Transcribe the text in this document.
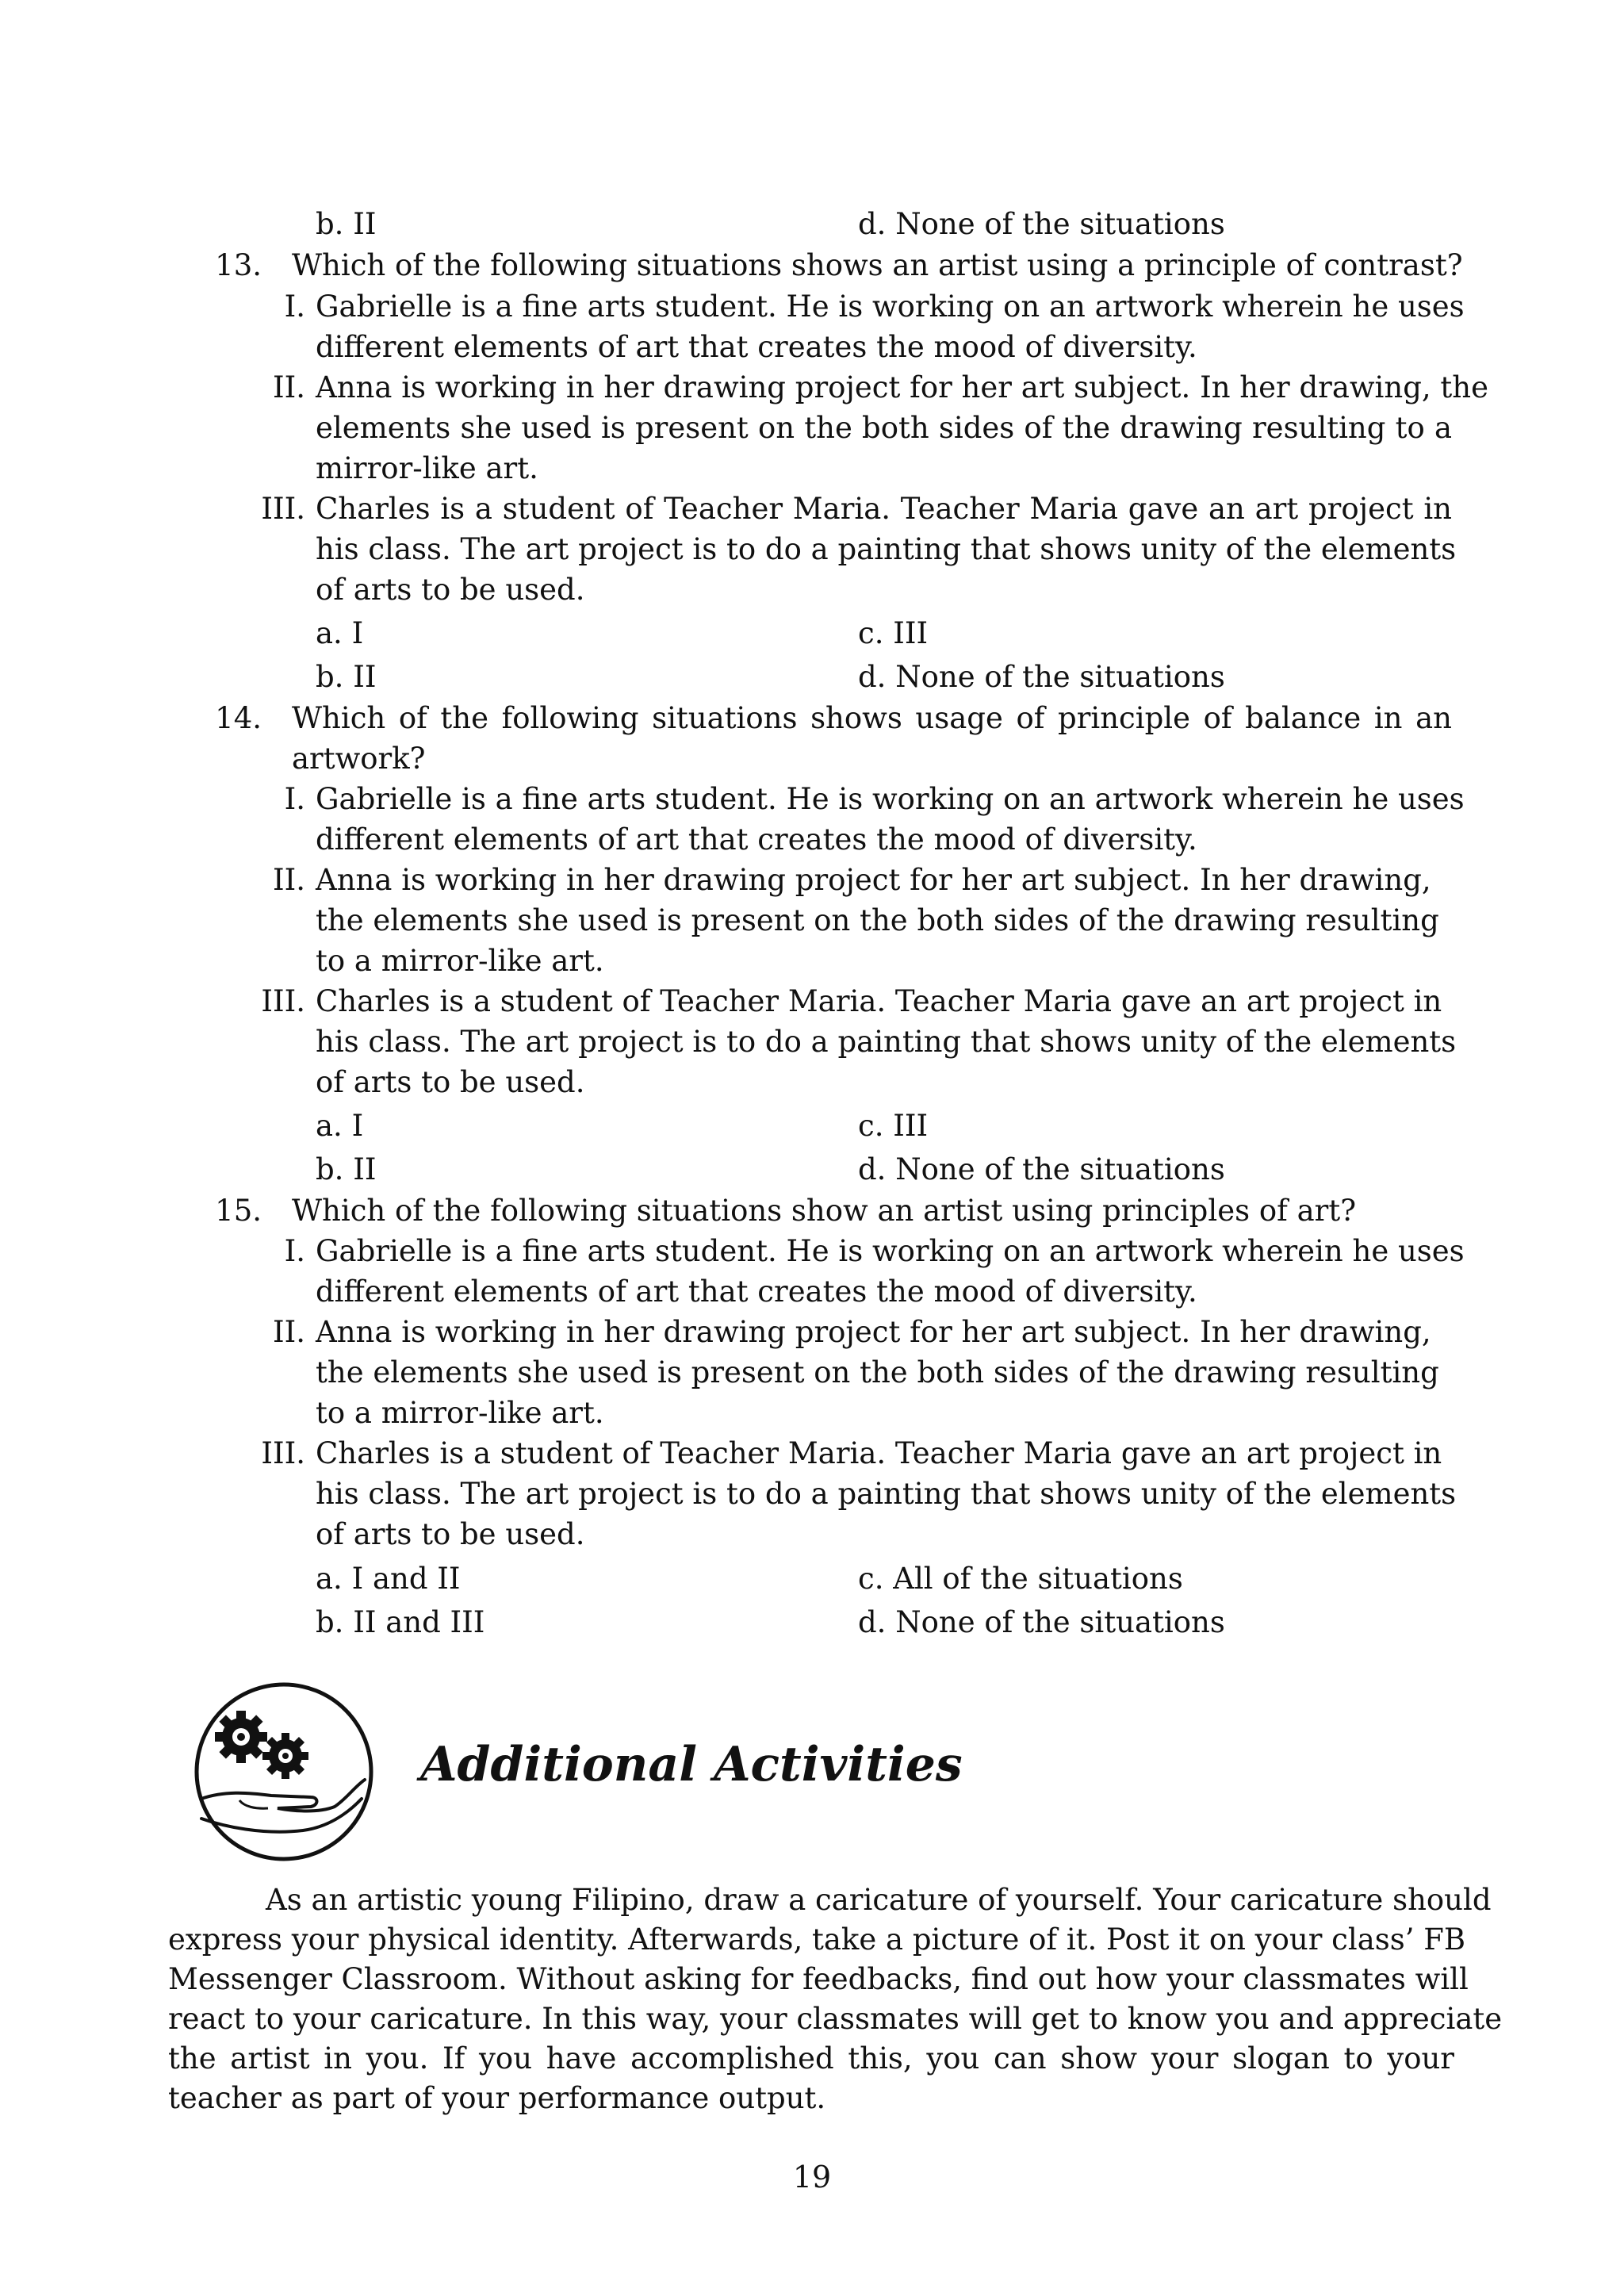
b. II	d. None of the situations
13. Which of the following situations shows an artist using a principle of contrast?
I. Gabrielle is a fine arts student. He is working on an artwork wherein he uses
different elements of art that creates the mood of diversity.
II. Anna is working in her drawing project for her art subject. In her drawing, the
elements she used is present on the both sides of the drawing resulting to a
mirror-like art.
III. Charles is a student of Teacher Maria. Teacher Maria gave an art project in
his class. The art project is to do a painting that shows unity of the elements
of arts to be used.
a. I	c. III
b. II	d. None of the situations
14. Which of the following situations shows usage of principle of balance in an
artwork?
I. Gabrielle is a fine arts student. He is working on an artwork wherein he uses
different elements of art that creates the mood of diversity.
II. Anna is working in her drawing project for her art subject. In her drawing,
the elements she used is present on the both sides of the drawing resulting
to a mirror-like art.
III. Charles is a student of Teacher Maria. Teacher Maria gave an art project in
his class. The art project is to do a painting that shows unity of the elements
of arts to be used.
a. I	c. III
b. II	d. None of the situations
15. Which of the following situations show an artist using principles of art?
I. Gabrielle is a fine arts student. He is working on an artwork wherein he uses
different elements of art that creates the mood of diversity.
II. Anna is working in her drawing project for her art subject. In her drawing,
the elements she used is present on the both sides of the drawing resulting
to a mirror-like art.
III. Charles is a student of Teacher Maria. Teacher Maria gave an art project in
his class. The art project is to do a painting that shows unity of the elements
of arts to be used.
a. I and II	c. All of the situations
b. II and III	d. None of the situations
Additional Activities
As an artistic young Filipino, draw a caricature of yourself. Your caricature should
express your physical identity. Afterwards, take a picture of it. Post it on your class’ FB
Messenger Classroom. Without asking for feedbacks, find out how your classmates will
react to your caricature. In this way, your classmates will get to know you and appreciate
the artist in you. If you have accomplished this, you can show your slogan to your
teacher as part of your performance output.
19
